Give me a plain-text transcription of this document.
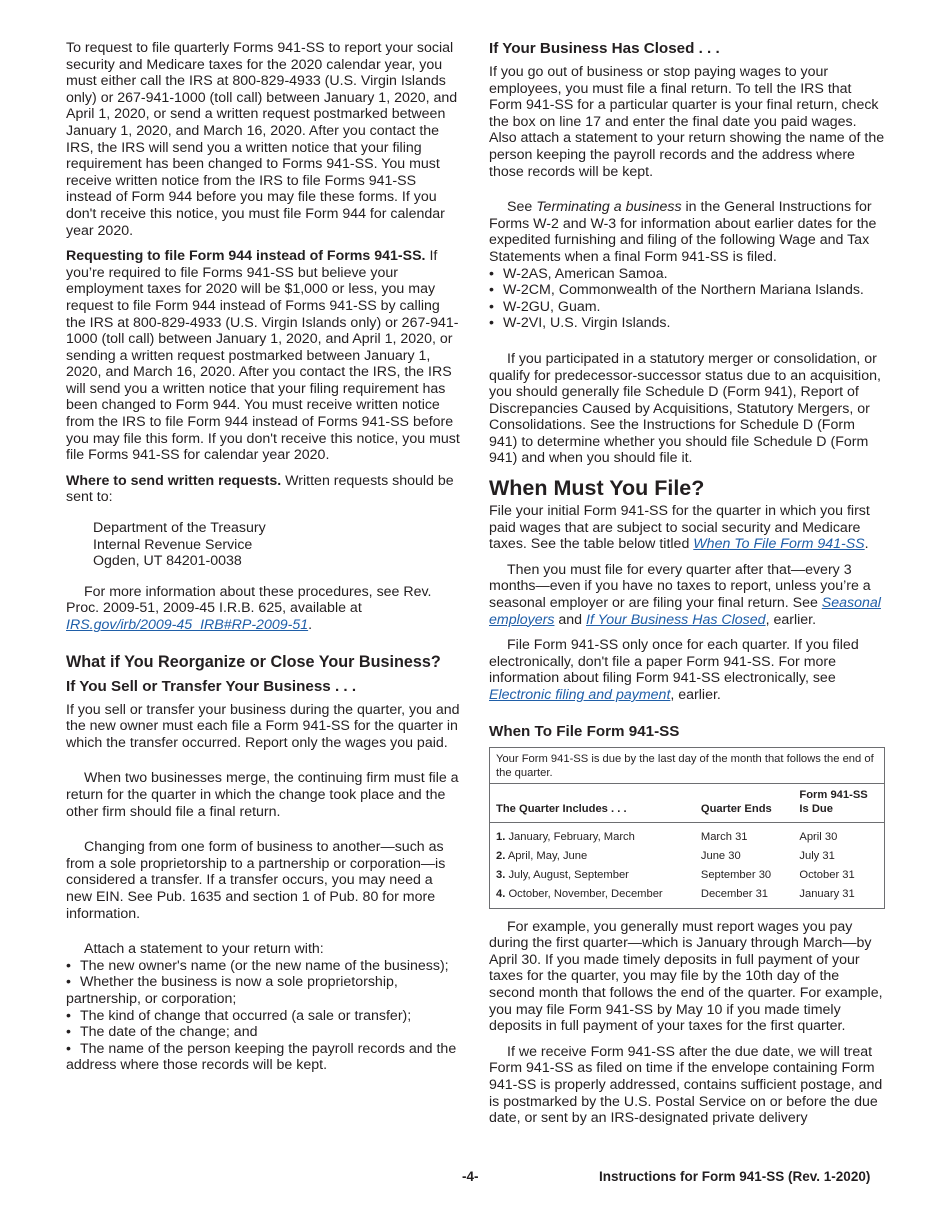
To request to file quarterly Forms 941-SS to report your social security and Medicare taxes for the 2020 calendar year, you must either call the IRS at 800-829-4933 (U.S. Virgin Islands only) or 267-941-1000 (toll call) between January 1, 2020, and April 1, 2020, or send a written request postmarked between January 1, 2020, and March 16, 2020. After you contact the IRS, the IRS will send you a written notice that your filing requirement has been changed to Forms 941-SS. You must receive written notice from the IRS to file Forms 941-SS instead of Form 944 before you may file these forms. If you don't receive this notice, you must file Form 944 for calendar year 2020.

Requesting to file Form 944 instead of Forms 941-SS. If you’re required to file Forms 941-SS but believe your employment taxes for 2020 will be $1,000 or less, you may request to file Form 944 instead of Forms 941-SS by calling the IRS at 800-829-4933 (U.S. Virgin Islands only) or 267-941-1000 (toll call) between January 1, 2020, and April 1, 2020, or sending a written request postmarked between January 1, 2020, and March 16, 2020. After you contact the IRS, the IRS will send you a written notice that your filing requirement has been changed to Form 944. You must receive written notice from the IRS to file Form 944 instead of Forms 941-SS before you may file this form. If you don't receive this notice, you must file Forms 941-SS for calendar year 2020.

Where to send written requests. Written requests should be sent to:

Department of the Treasury
Internal Revenue Service
Ogden, UT 84201-0038

For more information about these procedures, see Rev. Proc. 2009-51, 2009-45 I.R.B. 625, available at IRS.gov/irb/2009-45_IRB#RP-2009-51.

What if You Reorganize or Close Your Business?
If You Sell or Transfer Your Business . . .

If you sell or transfer your business during the quarter, you and the new owner must each file a Form 941-SS for the quarter in which the transfer occurred. Report only the wages you paid.

When two businesses merge, the continuing firm must file a return for the quarter in which the change took place and the other firm should file a final return.

Changing from one form of business to another—such as from a sole proprietorship to a partnership or corporation—is considered a transfer. If a transfer occurs, you may need a new EIN. See Pub. 1635 and section 1 of Pub. 80 for more information.

Attach a statement to your return with:

• The new owner's name (or the new name of the business);
• Whether the business is now a sole proprietorship, partnership, or corporation;
• The kind of change that occurred (a sale or transfer);
• The date of the change; and
• The name of the person keeping the payroll records and the address where those records will be kept.
If Your Business Has Closed . . .

If you go out of business or stop paying wages to your employees, you must file a final return. To tell the IRS that Form 941-SS for a particular quarter is your final return, check the box on line 17 and enter the final date you paid wages. Also attach a statement to your return showing the name of the person keeping the payroll records and the address where those records will be kept.

See Terminating a business in the General Instructions for Forms W-2 and W-3 for information about earlier dates for the expedited furnishing and filing of the following Wage and Tax Statements when a final Form 941-SS is filed.

• W-2AS, American Samoa.
• W-2CM, Commonwealth of the Northern Mariana Islands.
• W-2GU, Guam.
• W-2VI, U.S. Virgin Islands.

If you participated in a statutory merger or consolidation, or qualify for predecessor-successor status due to an acquisition, you should generally file Schedule D (Form 941), Report of Discrepancies Caused by Acquisitions, Statutory Mergers, or Consolidations. See the Instructions for Schedule D (Form 941) to determine whether you should file Schedule D (Form 941) and when you should file it.

When Must You File?

File your initial Form 941-SS for the quarter in which you first paid wages that are subject to social security and Medicare taxes. See the table below titled When To File Form 941-SS.

Then you must file for every quarter after that—every 3 months—even if you have no taxes to report, unless you’re a seasonal employer or are filing your final return. See Seasonal employers and If Your Business Has Closed, earlier.

File Form 941-SS only once for each quarter. If you filed electronically, don't file a paper Form 941-SS. For more information about filing Form 941-SS electronically, see Electronic filing and payment, earlier.

When To File Form 941-SS
Your Form 941-SS is due by the last day of the month that follows the end of the quarter.
The Quarter Includes . . .	Quarter Ends	Form 941-SS Is Due
1. January, February, March	March 31	April 30
2. April, May, June	June 30	July 31
3. July, August, September	September 30	October 31
4. October, November, December	December 31	January 31

For example, you generally must report wages you pay during the first quarter—which is January through March—by April 30. If you made timely deposits in full payment of your taxes for the quarter, you may file by the 10th day of the second month that follows the end of the quarter. For example, you may file Form 941-SS by May 10 if you made timely deposits in full payment of your taxes for the first quarter.

If we receive Form 941-SS after the due date, we will treat Form 941-SS as filed on time if the envelope containing Form 941-SS is properly addressed, contains sufficient postage, and is postmarked by the U.S. Postal Service on or before the due date, or sent by an IRS-designated private delivery

-4-	Instructions for Form 941-SS (Rev. 1-2020)
